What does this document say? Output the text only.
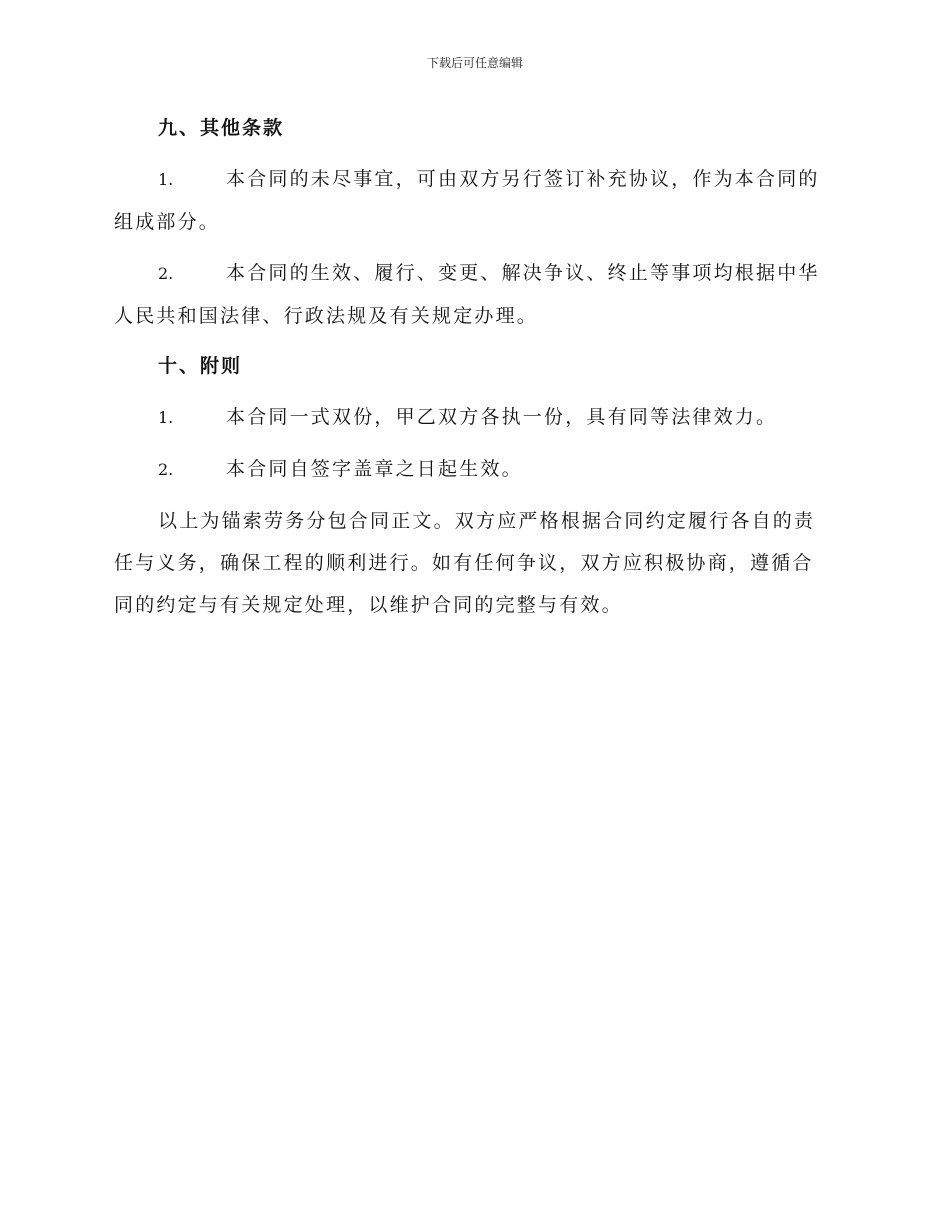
下载后可任意编辑
九、其他条款
1.	本合同的未尽事宜，可由双方另行签订补充协议，作为本合同的组成部分。
2.	本合同的生效、履行、变更、解决争议、终止等事项均根据中华人民共和国法律、行政法规及有关规定办理。
十、附则
1.	本合同一式双份，甲乙双方各执一份，具有同等法律效力。
2.	本合同自签字盖章之日起生效。

以上为锚索劳务分包合同正文。双方应严格根据合同约定履行各自的责任与义务，确保工程的顺利进行。如有任何争议，双方应积极协商，遵循合同的约定与有关规定处理，以维护合同的完整与有效。
